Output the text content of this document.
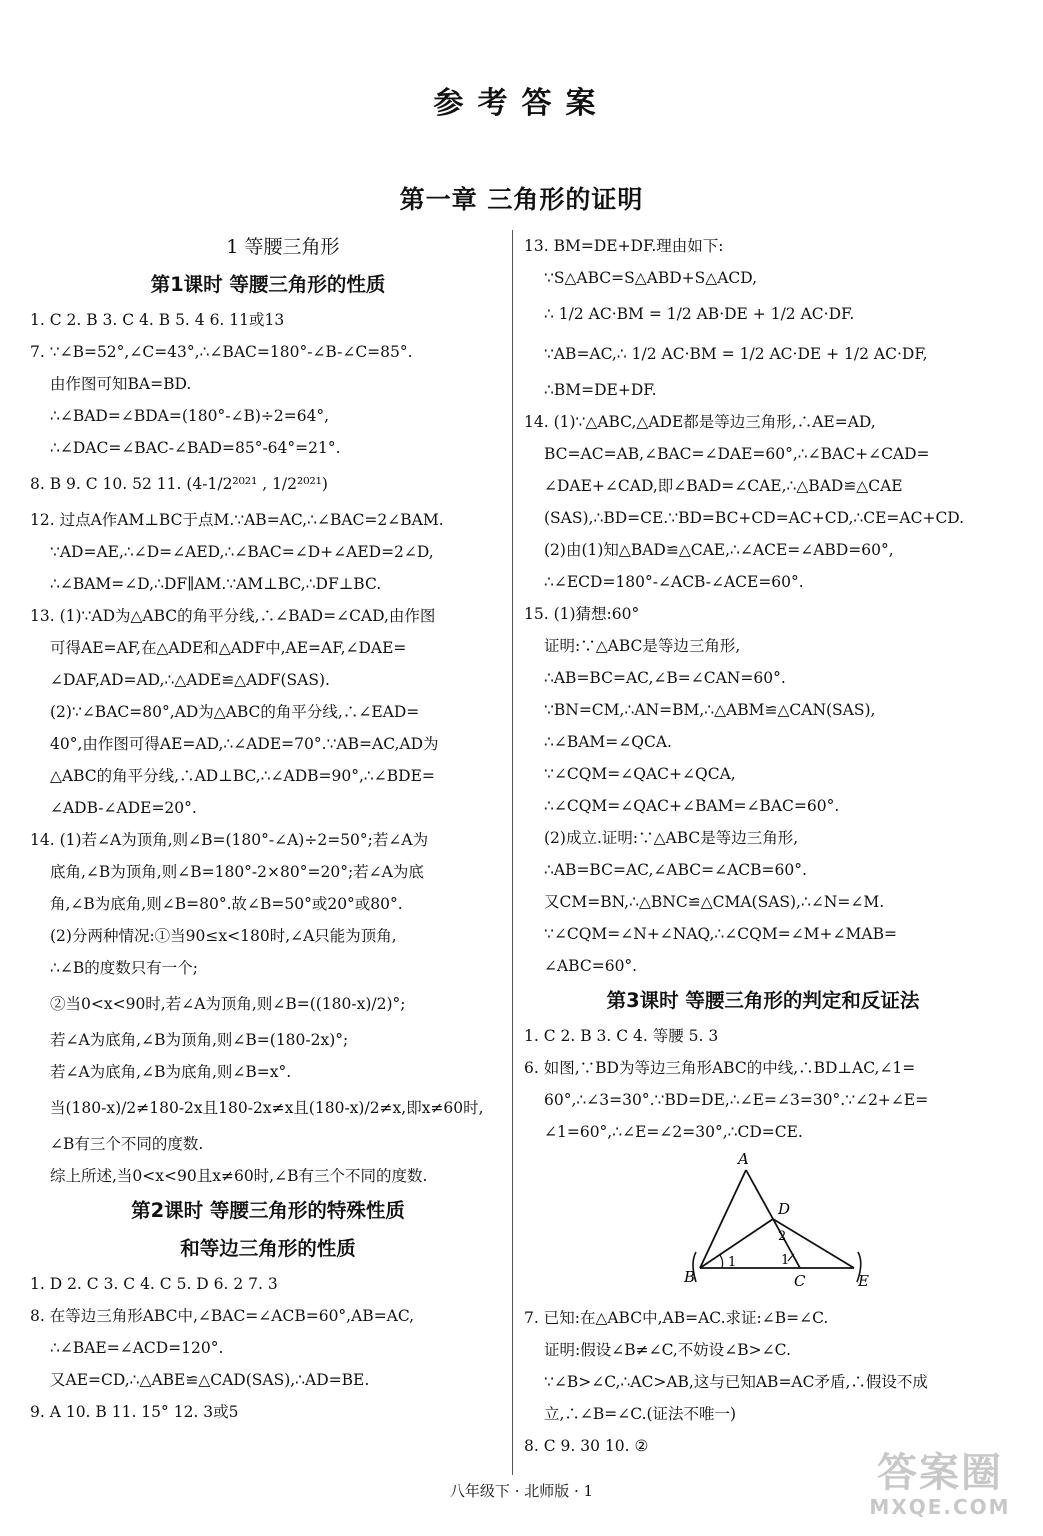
参考答案
第一章 三角形的证明
1 等腰三角形
第1课时 等腰三角形的性质
1. C 2. B 3. C 4. B 5. 4 6. 11或13
7. ∵∠B=52°,∠C=43°,∴∠BAC=180°-∠B-∠C=85°.
由作图可知BA=BD.
∴∠BAD=∠BDA=(180°-∠B)÷2=64°,
∴∠DAC=∠BAC-∠BAD=85°-64°=21°.
8. B 9. C 10. 52 11. (4-1/2²⁰²¹ , 1/2²⁰²¹)
12. 过点A作AM⊥BC于点M.∵AB=AC,∴∠BAC=2∠BAM.
∵AD=AE,∴∠D=∠AED,∴∠BAC=∠D+∠AED=2∠D,
∴∠BAM=∠D,∴DF∥AM.∵AM⊥BC,∴DF⊥BC.
13. (1)∵AD为△ABC的角平分线,∴∠BAD=∠CAD,由作图
可得AE=AF,在△ADE和△ADF中,AE=AF,∠DAE=
∠DAF,AD=AD,∴△ADE≌△ADF(SAS).
(2)∵∠BAC=80°,AD为△ABC的角平分线,∴∠EAD=
40°,由作图可得AE=AD,∴∠ADE=70°.∵AB=AC,AD为
△ABC的角平分线,∴AD⊥BC,∴∠ADB=90°,∴∠BDE=
∠ADB-∠ADE=20°.
14. (1)若∠A为顶角,则∠B=(180°-∠A)÷2=50°;若∠A为
底角,∠B为顶角,则∠B=180°-2×80°=20°;若∠A为底
角,∠B为底角,则∠B=80°.故∠B=50°或20°或80°.
(2)分两种情况:①当90≤x<180时,∠A只能为顶角,
∴∠B的度数只有一个;
②当0<x<90时,若∠A为顶角,则∠B=((180-x)/2)°;
若∠A为底角,∠B为顶角,则∠B=(180-2x)°;
若∠A为底角,∠B为底角,则∠B=x°.
当(180-x)/2≠180-2x且180-2x≠x且(180-x)/2≠x,即x≠60时,
∠B有三个不同的度数.
综上所述,当0<x<90且x≠60时,∠B有三个不同的度数.
第2课时 等腰三角形的特殊性质
和等边三角形的性质
1. D 2. C 3. C 4. C 5. D 6. 2 7. 3
8. 在等边三角形ABC中,∠BAC=∠ACB=60°,AB=AC,
∴∠BAE=∠ACD=120°.
又AE=CD,∴△ABE≌△CAD(SAS),∴AD=BE.
9. A 10. B 11. 15° 12. 3或5
13. BM=DE+DF.理由如下:
∵S△ABC=S△ABD+S△ACD,
∴ 1/2 AC·BM = 1/2 AB·DE + 1/2 AC·DF.
∵AB=AC,∴ 1/2 AC·BM = 1/2 AC·DE + 1/2 AC·DF,
∴BM=DE+DF.
14. (1)∵△ABC,△ADE都是等边三角形,∴AE=AD,
BC=AC=AB,∠BAC=∠DAE=60°,∴∠BAC+∠CAD=
∠DAE+∠CAD,即∠BAD=∠CAE,∴△BAD≌△CAE
(SAS),∴BD=CE.∵BD=BC+CD=AC+CD,∴CE=AC+CD.
(2)由(1)知△BAD≌△CAE,∴∠ACE=∠ABD=60°,
∴∠ECD=180°-∠ACB-∠ACE=60°.
15. (1)猜想:60°
证明:∵△ABC是等边三角形,
∴AB=BC=AC,∠B=∠CAN=60°.
∵BN=CM,∴AN=BM,∴△ABM≌△CAN(SAS),
∴∠BAM=∠QCA.
∵∠CQM=∠QAC+∠QCA,
∴∠CQM=∠QAC+∠BAM=∠BAC=60°.
(2)成立.证明:∵△ABC是等边三角形,
∴AB=BC=AC,∠ABC=∠ACB=60°.
又CM=BN,∴△BNC≌△CMA(SAS),∴∠N=∠M.
∵∠CQM=∠N+∠NAQ,∴∠CQM=∠M+∠MAB=
∠ABC=60°.
第3课时 等腰三角形的判定和反证法
1. C 2. B 3. C 4. 等腰 5. 3
6. 如图,∵BD为等边三角形ABC的中线,∴BD⊥AC,∠1=
60°,∴∠3=30°.∵BD=DE,∴∠E=∠3=30°.∵∠2+∠E=
∠1=60°,∴∠E=∠2=30°,∴CD=CE.
A
B	C
D
E
1	1
2
7. 已知:在△ABC中,AB=AC.求证:∠B=∠C.
证明:假设∠B≠∠C,不妨设∠B>∠C.
∵∠B>∠C,∴AC>AB,这与已知AB=AC矛盾,∴假设不成
立,∴∠B=∠C.(证法不唯一)
8. C 9. 30 10. ②
八年级下 · 北师版 · 1	答案圈
MXQE.COM
